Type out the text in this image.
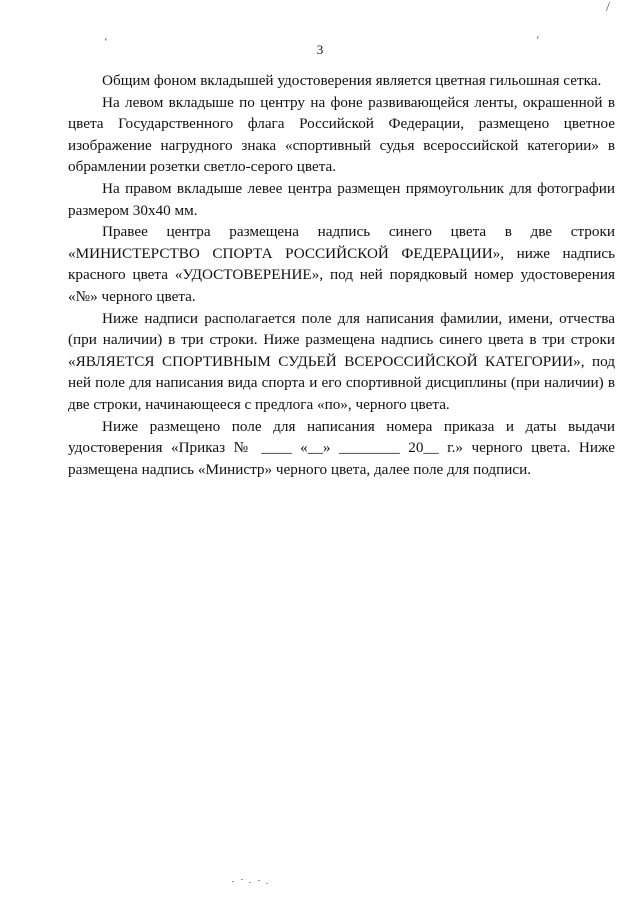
3
‘	‘
/

Общим фоном вкладышей удостоверения является цветная гильошная сетка.

На левом вкладыше по центру на фоне развивающейся ленты, окрашенной в цвета Государственного флага Российской Федерации, размещено цветное изображение нагрудного знака «спортивный судья всероссийской категории» в обрамлении розетки светло-серого цвета.

На правом вкладыше левее центра размещен прямоугольник для фотографии размером 30х40 мм.

Правее центра размещена надпись синего цвета в две строки «МИНИСТЕРСТВО СПОРТА РОССИЙСКОЙ ФЕДЕРАЦИИ», ниже надпись красного цвета «УДОСТОВЕРЕНИЕ», под ней порядковый номер удостоверения «№» черного цвета.

Ниже надписи располагается поле для написания фамилии, имени, отчества (при наличии) в три строки. Ниже размещена надпись синего цвета в три строки «ЯВЛЯЕТСЯ СПОРТИВНЫМ СУДЬЕЙ ВСЕРОССИЙСКОЙ КАТЕГОРИИ», под ней поле для написания вида спорта и его спортивной дисциплины (при наличии) в две строки, начинающееся с предлога «по», черного цвета.

Ниже размещено поле для написания номера приказа и даты выдачи удостоверения «Приказ № ____ «__» ________ 20__ г.» черного цвета. Ниже размещена надпись «Министр» черного цвета, далее поле для подписи.
